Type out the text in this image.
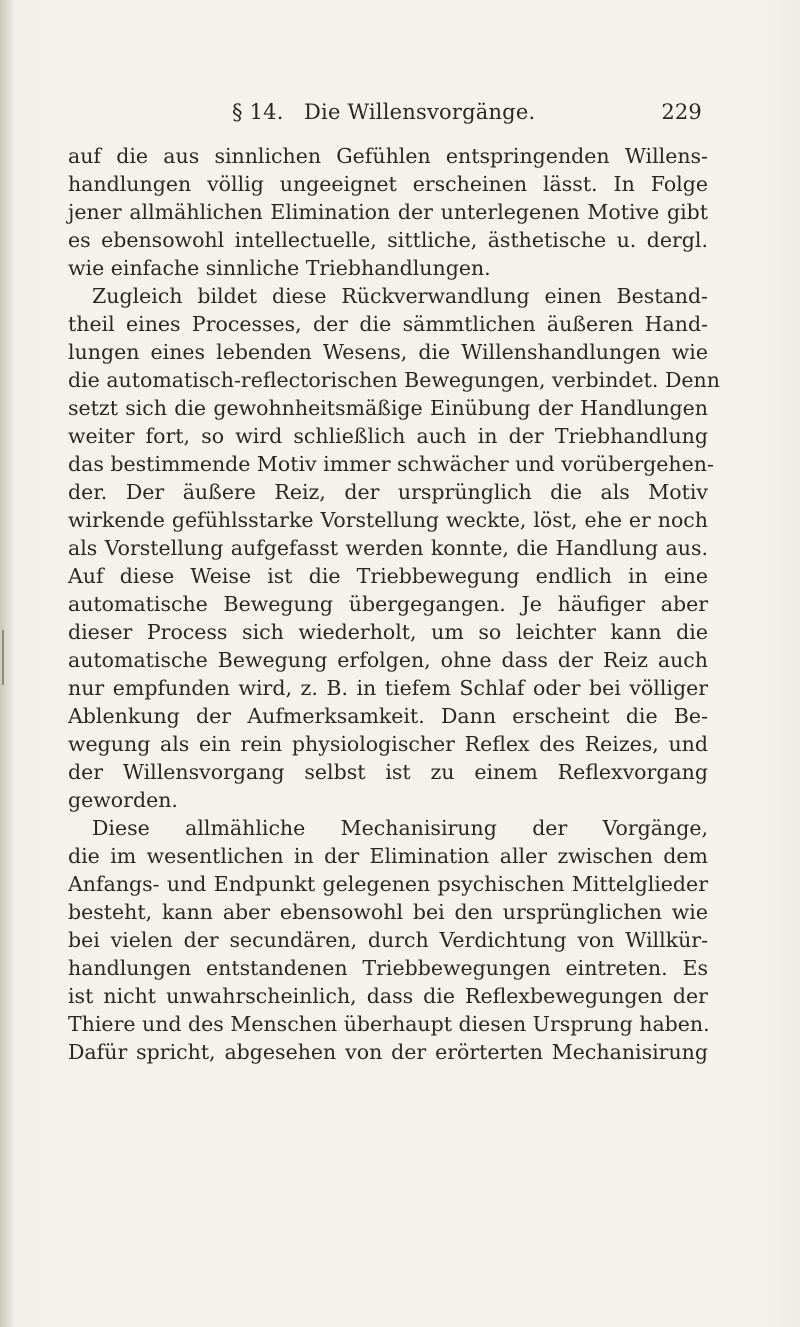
§ 14. Die Willensvorgänge.	229
auf die aus sinnlichen Gefühlen entspringenden Willens-
handlungen völlig ungeeignet erscheinen lässt. In Folge
jener allmählichen Elimination der unterlegenen Motive gibt
es ebensowohl intellectuelle, sittliche, ästhetische u. dergl.
wie einfache sinnliche Triebhandlungen.
Zugleich bildet diese Rückverwandlung einen Bestand-
theil eines Processes, der die sämmtlichen äußeren Hand-
lungen eines lebenden Wesens, die Willenshandlungen wie
die automatisch-reflectorischen Bewegungen, verbindet. Denn
setzt sich die gewohnheitsmäßige Einübung der Handlungen
weiter fort, so wird schließlich auch in der Triebhandlung
das bestimmende Motiv immer schwächer und vorübergehen-
der. Der äußere Reiz, der ursprünglich die als Motiv
wirkende gefühlsstarke Vorstellung weckte, löst, ehe er noch
als Vorstellung aufgefasst werden konnte, die Handlung aus.
Auf diese Weise ist die Triebbewegung endlich in eine
automatische Bewegung übergegangen. Je häufiger aber
dieser Process sich wiederholt, um so leichter kann die
automatische Bewegung erfolgen, ohne dass der Reiz auch
nur empfunden wird, z. B. in tiefem Schlaf oder bei völliger
Ablenkung der Aufmerksamkeit. Dann erscheint die Be-
wegung als ein rein physiologischer Reflex des Reizes, und
der Willensvorgang selbst ist zu einem Reflexvorgang
geworden.
Diese allmähliche Mechanisirung der Vorgänge,
die im wesentlichen in der Elimination aller zwischen dem
Anfangs- und Endpunkt gelegenen psychischen Mittelglieder
besteht, kann aber ebensowohl bei den ursprünglichen wie
bei vielen der secundären, durch Verdichtung von Willkür-
handlungen entstandenen Triebbewegungen eintreten. Es
ist nicht unwahrscheinlich, dass die Reflexbewegungen der
Thiere und des Menschen überhaupt diesen Ursprung haben.
Dafür spricht, abgesehen von der erörterten Mechanisirung
